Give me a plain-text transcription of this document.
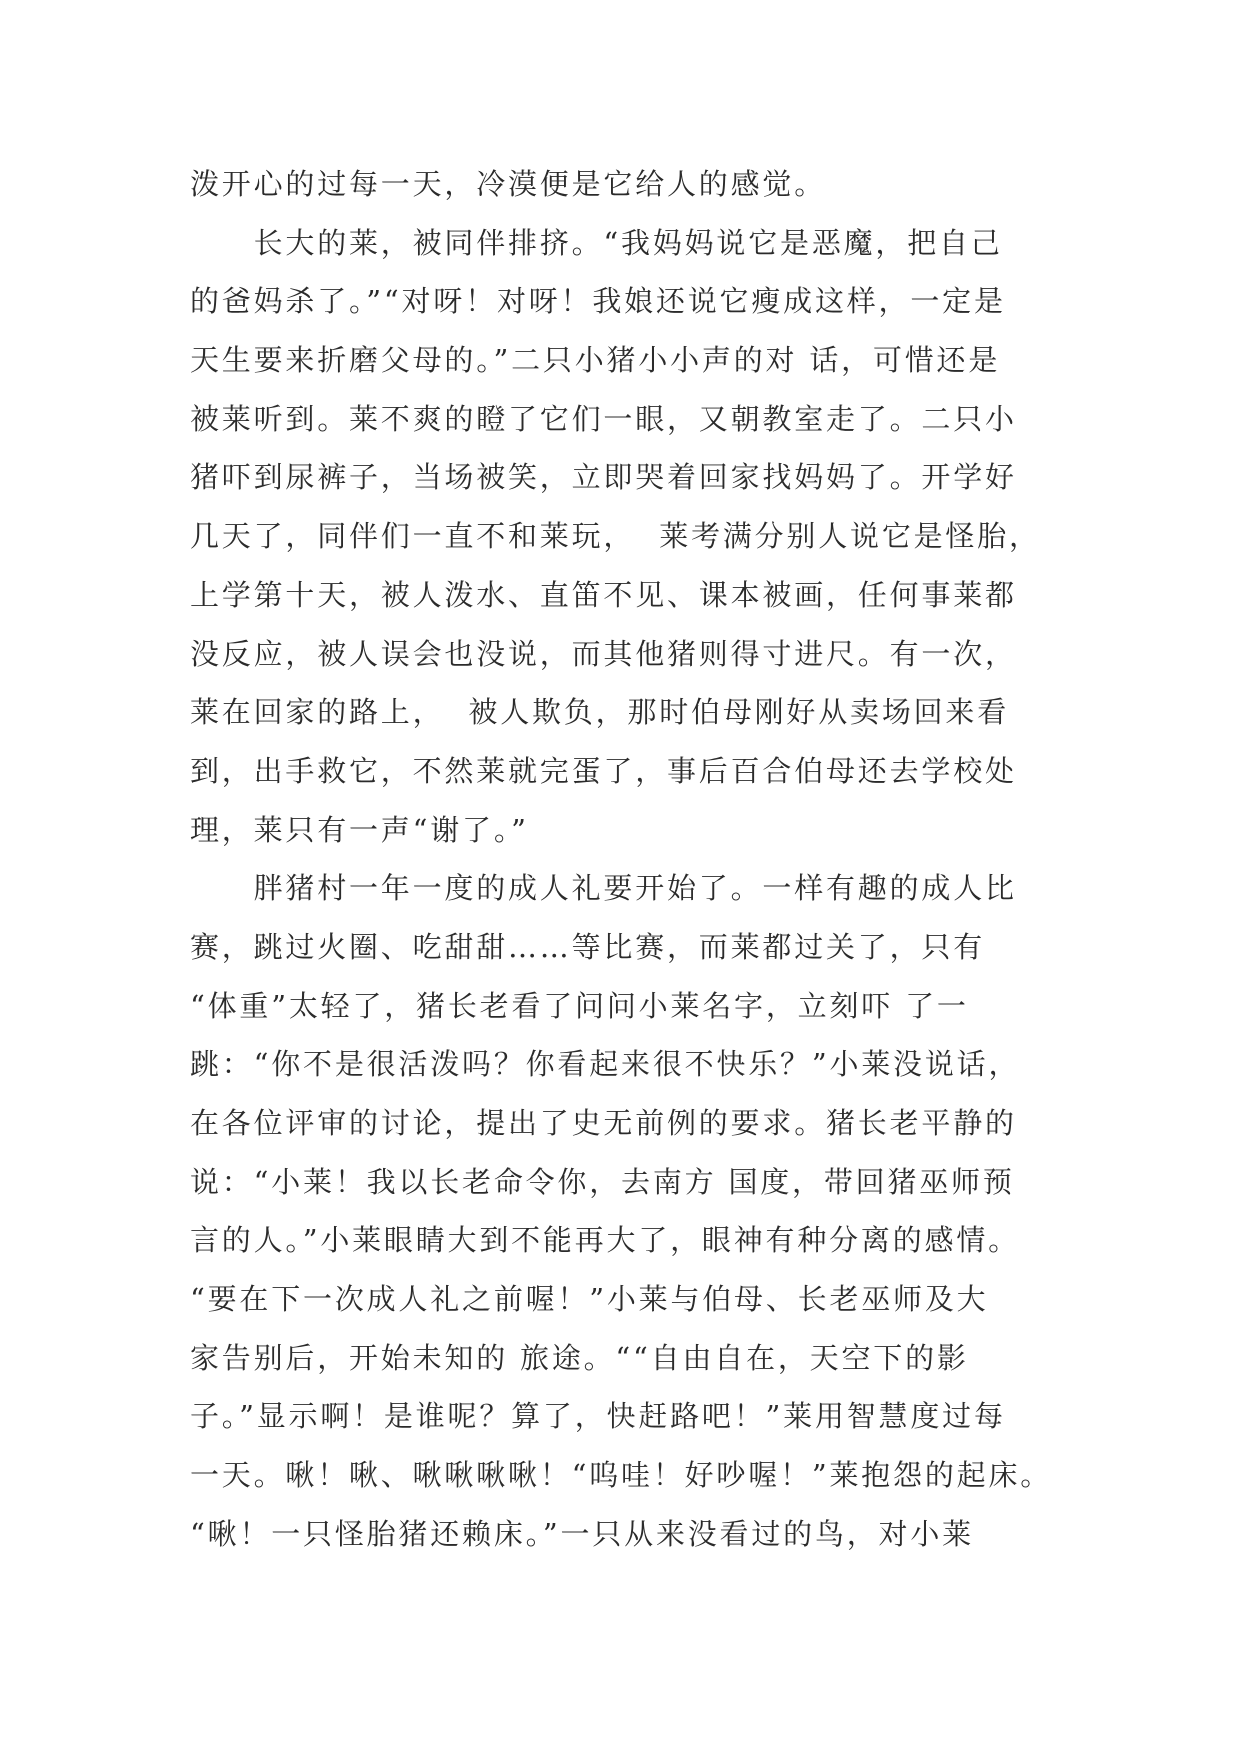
泼开心的过每一天，冷漠便是它给人的感觉。
　　长大的莱，被同伴排挤。“我妈妈说它是恶魔，把自己
的爸妈杀了。”“对呀！对呀！我娘还说它瘦成这样，一定是
天生要来折磨父母的。”二只小猪小小声的对 话，可惜还是
被莱听到。莱不爽的瞪了它们一眼，又朝教室走了。二只小
猪吓到尿裤子，当场被笑，立即哭着回家找妈妈了。开学好
几天了，同伴们一直不和莱玩，  莱考满分别人说它是怪胎，
上学第十天，被人泼水、直笛不见、课本被画，任何事莱都
没反应，被人误会也没说，而其他猪则得寸进尺。有一次，
莱在回家的路上，  被人欺负，那时伯母刚好从卖场回来看
到，出手救它，不然莱就完蛋了，事后百合伯母还去学校处
理，莱只有一声“谢了。”
　　胖猪村一年一度的成人礼要开始了。一样有趣的成人比
赛，跳过火圈、吃甜甜……等比赛，而莱都过关了，只有
“体重”太轻了，猪长老看了问问小莱名字，立刻吓 了一
跳：“你不是很活泼吗？你看起来很不快乐？”小莱没说话，
在各位评审的讨论，提出了史无前例的要求。猪长老平静的
说：“小莱！我以长老命令你，去南方 国度，带回猪巫师预
言的人。”小莱眼睛大到不能再大了，眼神有种分离的感情。
“要在下一次成人礼之前喔！”小莱与伯母、长老巫师及大
家告别后，开始未知的 旅途。““自由自在，天空下的影
子。”显示啊！是谁呢？算了，快赶路吧！”莱用智慧度过每
一天。啾！啾、啾啾啾啾！“呜哇！好吵喔！”莱抱怨的起床。
“啾！一只怪胎猪还赖床。”一只从来没看过的鸟，对小莱
